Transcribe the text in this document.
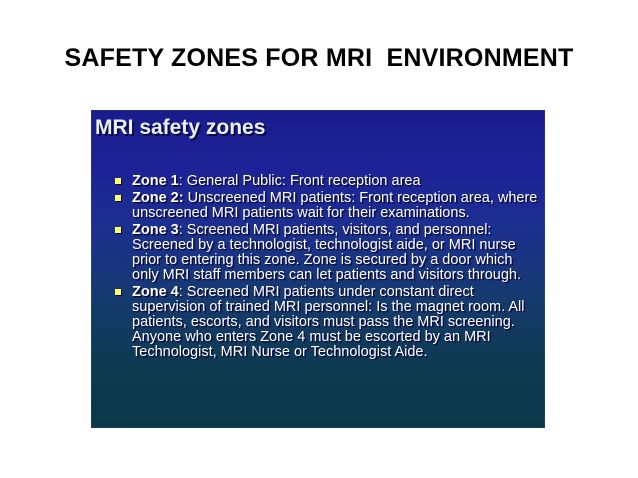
SAFETY ZONES FOR MRI  ENVIRONMENT
MRI safety zones
Zone 1: General Public: Front reception area
Zone 2: Unscreened MRI patients: Front reception area, where unscreened MRI patients wait for their examinations.
Zone 3: Screened MRI patients, visitors, and personnel: Screened by a technologist, technologist aide, or MRI nurse prior to entering this zone. Zone is secured by a door which only MRI staff members can let patients and visitors through.
Zone 4: Screened MRI patients under constant direct supervision of trained MRI personnel: Is the magnet room. All patients, escorts, and visitors must pass the MRI screening. Anyone who enters Zone 4 must be escorted by an MRI Technologist, MRI Nurse or Technologist Aide.
